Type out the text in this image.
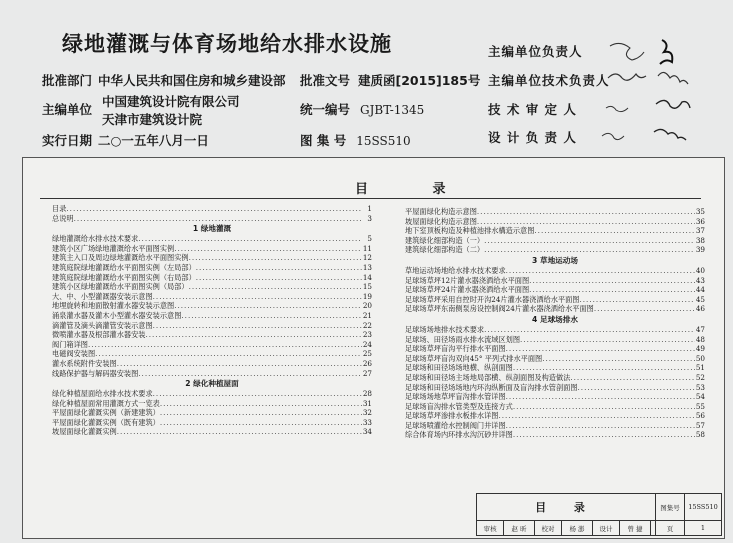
绿地灌溉与体育场地给水排水设施
批准部门 中华人民共和国住房和城乡建设部 批准文号 建质函[2015]185号
主编单位
中国建筑设计院有限公司
天津市建筑设计院
统一编号 GJBT-1345
实行日期 二○一五年八月一日	图 集 号 15SS510
主编单位负责人
主编单位技术负责人
技 术 审 定 人
设 计 负 责 人
目 录
目录 .....	1
总说明 .....	3
1 绿地灌溉
绿地灌溉给水排水技术要求 .....	5
建筑小区广场绿地灌溉给水平面图实例 .....	11
建筑主入口及周边绿地灌溉给水平面图实例 .....	12
建筑庭院绿地灌溉给水平面图实例（左局部） .....	13
建筑庭院绿地灌溉给水平面图实例（右局部） .....	14
建筑小区绿地灌溉给水平面图实例（局部） .....	15
大、中、小型灌溉器安装示意图 .....	19
地埋旋转和地面散射灌水器安装示意图 .....	20
涌泉灌水器及灌木小型灌水器安装示意图 .....	21
滴灌管及滴头滴灌管安装示意图 .....	22
微喷灌水器及根部灌水器安装 .....	23
阀门箱详图 .....	24
电磁阀安装图 .....	25
灌水系统附件安装图 .....	26
线路保护器与解码器安装图 .....	27
2 绿化种植屋面
绿化种植屋面给水排水技术要求 .....	28
绿化种植屋面常用灌溉方式一览表 .....	31
平屋面绿化灌溉实例（新建建筑） .....	32
平屋面绿化灌溉实例（既有建筑） .....	33
坡屋面绿化灌溉实例 .....	34
平屋面绿化构造示意图 .....	35
坡屋面绿化构造示意图 .....	36
地下室顶板构造及种植池排水構造示意图 .....	37
建筑绿化细部构造（一） .....	38
建筑绿化细部构造（二） .....	39
3 草地运动场
草地运动场地给水排水技术要求 .....	40
足球场草坪12片灌水器浇洒给水平面图 .....	43
足球场草坪24片灌水器浇洒给水平面图 .....	44
足球场草坪采用自控时开沟24片灌水器浇洒给水平面图 .....	45
足球场草坪东南侧泵房设控制阀24片灌水器浇洒给水平面图 .....	46
4 足球场排水
足球场场地排水技术要求 .....	47
足球场、田径场雨水排水流域区划图 .....	48
足球场草坪盲沟平行排水平面图 .....	49
足球场草坪盲沟双向45° 平列式排水平面图 .....	50
足球场和田径场场地横、纵剖面图 .....	51
足球场和田径场主场地局部横、纵剖面图及构造做法 .....	52
足球场和田径场场地内环沟纵断面及盲沟排水管剖面图 .....	53
足球场场地草坪盲沟排水管详图 .....	54
足球场盲沟排水管类型及连接方式 .....	55
足球场草坪渗排水板排水详图 .....	56
足球场喷灌给水控制阀门井详图 .....	57
综合体育场内环排水沟沉砂井详图 .....	58
目 录							图集号	15SS510
审核	赵 昕	校对	杨 澎	设计	曾 捷		页	1
